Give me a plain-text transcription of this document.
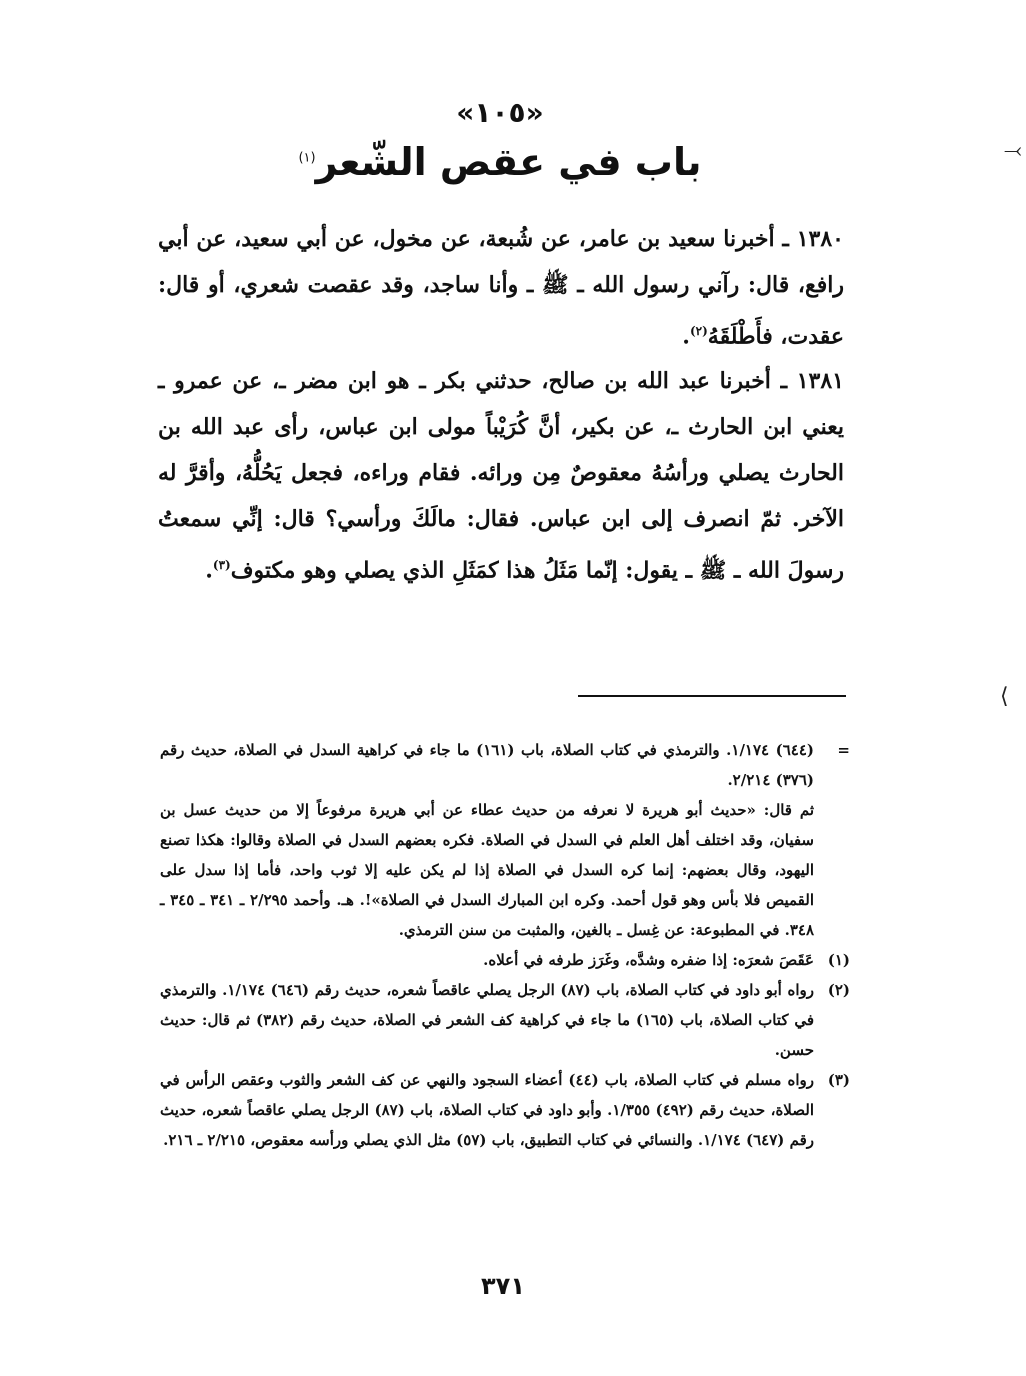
«١٠٥»
باب في عقص الشّعر$^{(١)}$
١٣٨٠ ـ أخبرنا سعيد بن عامر، عن شُبعة، عن مخول، عن أبي سعيد، عن أبي رافع، قال: رآني رسول الله ـ ﷺ ـ وأنا ساجد، وقد عقصت شعري، أو قال: عقدت، فأَطْلَقَهُ$^{(٢)}$.
١٣٨١ ـ أخبرنا عبد الله بن صالح، حدثني بكر ـ هو ابن مضر ـ، عن عمرو ـ يعني ابن الحارث ـ، عن بكير، أنَّ كُرَيْباً مولى ابن عباس، رأى عبد الله بن الحارث يصلي ورأسُهُ معقوصٌ مِن ورائه. فقام وراءه، فجعل يَحُلُّهُ، وأقرَّ له الآخر. ثمّ انصرف إلى ابن عباس. فقال: مالَكَ ورأسي؟ قال: إنِّي سمعتُ رسولَ الله ـ ﷺ ـ يقول: إنّما مَثَلُ هذا كمَثَلِ الذي يصلي وهو مكتوف$^{(٣)}$.
=
(٦٤٤) ١/١٧٤. والترمذي في كتاب الصلاة، باب (١٦١) ما جاء في كراهية السدل في الصلاة، حديث رقم (٣٧٦) ٢/٢١٤.
ثم قال: «حديث أبو هريرة لا نعرفه من حديث عطاء عن أبي هريرة مرفوعاً إلا من حديث عسل بن سفيان، وقد اختلف أهل العلم في السدل في الصلاة. فكره بعضهم السدل في الصلاة وقالوا: هكذا تصنع اليهود، وقال بعضهم: إنما كره السدل في الصلاة إذا لم يكن عليه إلا ثوب واحد، فأما إذا سدل على القميص فلا بأس وهو قول أحمد. وكره ابن المبارك السدل في الصلاة»!. هـ. وأحمد ٢/٢٩٥ ـ ٣٤١ ـ ٣٤٥ ـ ٣٤٨. في المطبوعة: عن غِسل ـ بالغين، والمثبت من سنن الترمذي.
(١)
عَقَصَ شعرَه: إذا ضفره وشدَّه، وغَرَز طرفه في أعلاه.
(٢)
رواه أبو داود في كتاب الصلاة، باب (٨٧) الرجل يصلي عاقصاً شعره، حديث رقم (٦٤٦) ١/١٧٤. والترمذي في كتاب الصلاة، باب (١٦٥) ما جاء في كراهية كف الشعر في الصلاة، حديث رقم (٣٨٢) ثم قال: حديث حسن.
(٣)
رواه مسلم في كتاب الصلاة، باب (٤٤) أعضاء السجود والنهي عن كف الشعر والثوب وعقص الرأس في الصلاة، حديث رقم (٤٩٢) ١/٣٥٥. وأبو داود في كتاب الصلاة، باب (٨٧) الرجل يصلي عاقصاً شعره، حديث رقم (٦٤٧) ١/١٧٤. والنسائي في كتاب التطبيق، باب (٥٧) مثل الذي يصلي ورأسه معقوص، ٢/٢١٥ ـ ٢١٦.
٣٧١
⤙
⟨
